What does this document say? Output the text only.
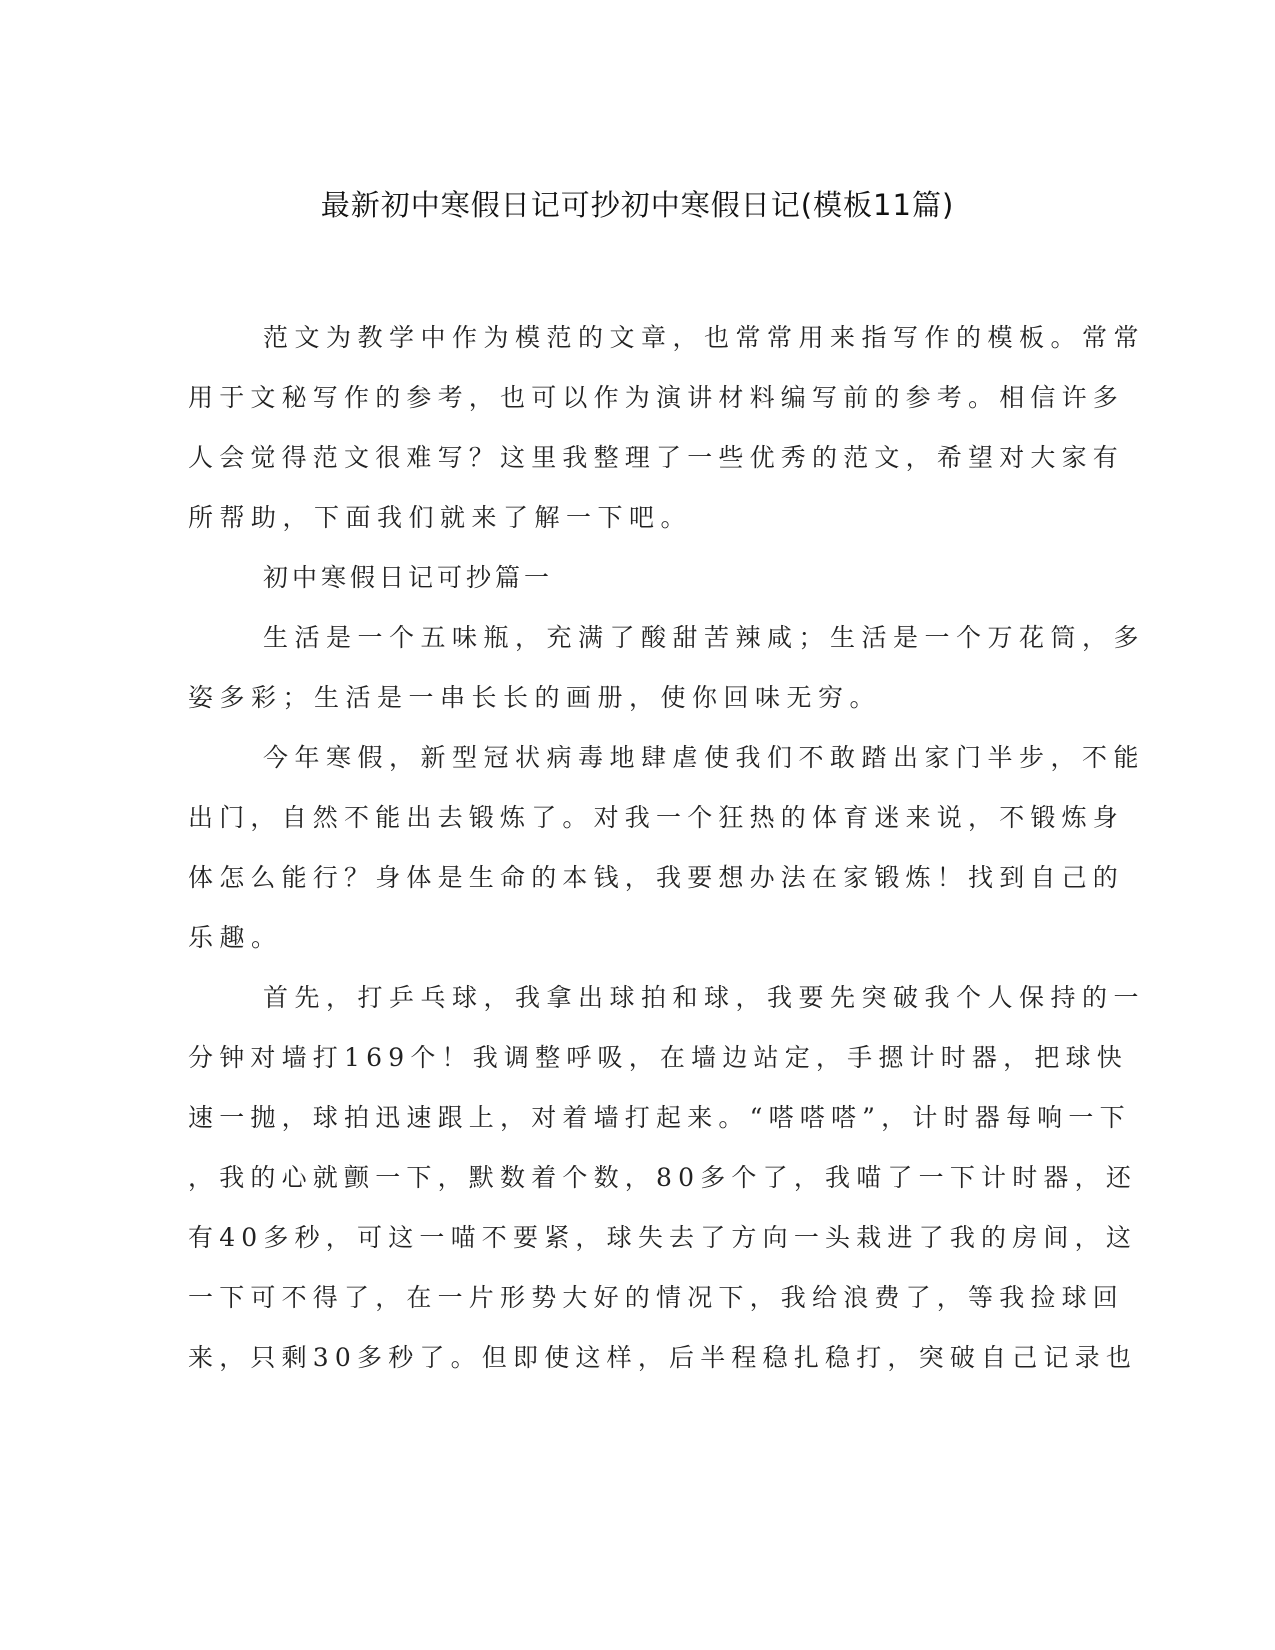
最新初中寒假日记可抄初中寒假日记(模板11篇)
范文为教学中作为模范的文章，也常常用来指写作的模板。常常
用于文秘写作的参考，也可以作为演讲材料编写前的参考。相信许多
人会觉得范文很难写？这里我整理了一些优秀的范文，希望对大家有
所帮助，下面我们就来了解一下吧。
初中寒假日记可抄篇一
生活是一个五味瓶，充满了酸甜苦辣咸；生活是一个万花筒，多
姿多彩；生活是一串长长的画册，使你回味无穷。
今年寒假，新型冠状病毒地肆虐使我们不敢踏出家门半步，不能
出门，自然不能出去锻炼了。对我一个狂热的体育迷来说，不锻炼身
体怎么能行？身体是生命的本钱，我要想办法在家锻炼！找到自己的
乐趣。
首先，打乒乓球，我拿出球拍和球，我要先突破我个人保持的一
分钟对墙打169个！我调整呼吸，在墙边站定，手摁计时器，把球快
速一抛，球拍迅速跟上，对着墙打起来。“嗒嗒嗒”，计时器每响一下
，我的心就颤一下，默数着个数，80多个了，我喵了一下计时器，还
有40多秒，可这一喵不要紧，球失去了方向一头栽进了我的房间，这
一下可不得了，在一片形势大好的情况下，我给浪费了，等我捡球回
来，只剩30多秒了。但即使这样，后半程稳扎稳打，突破自己记录也
